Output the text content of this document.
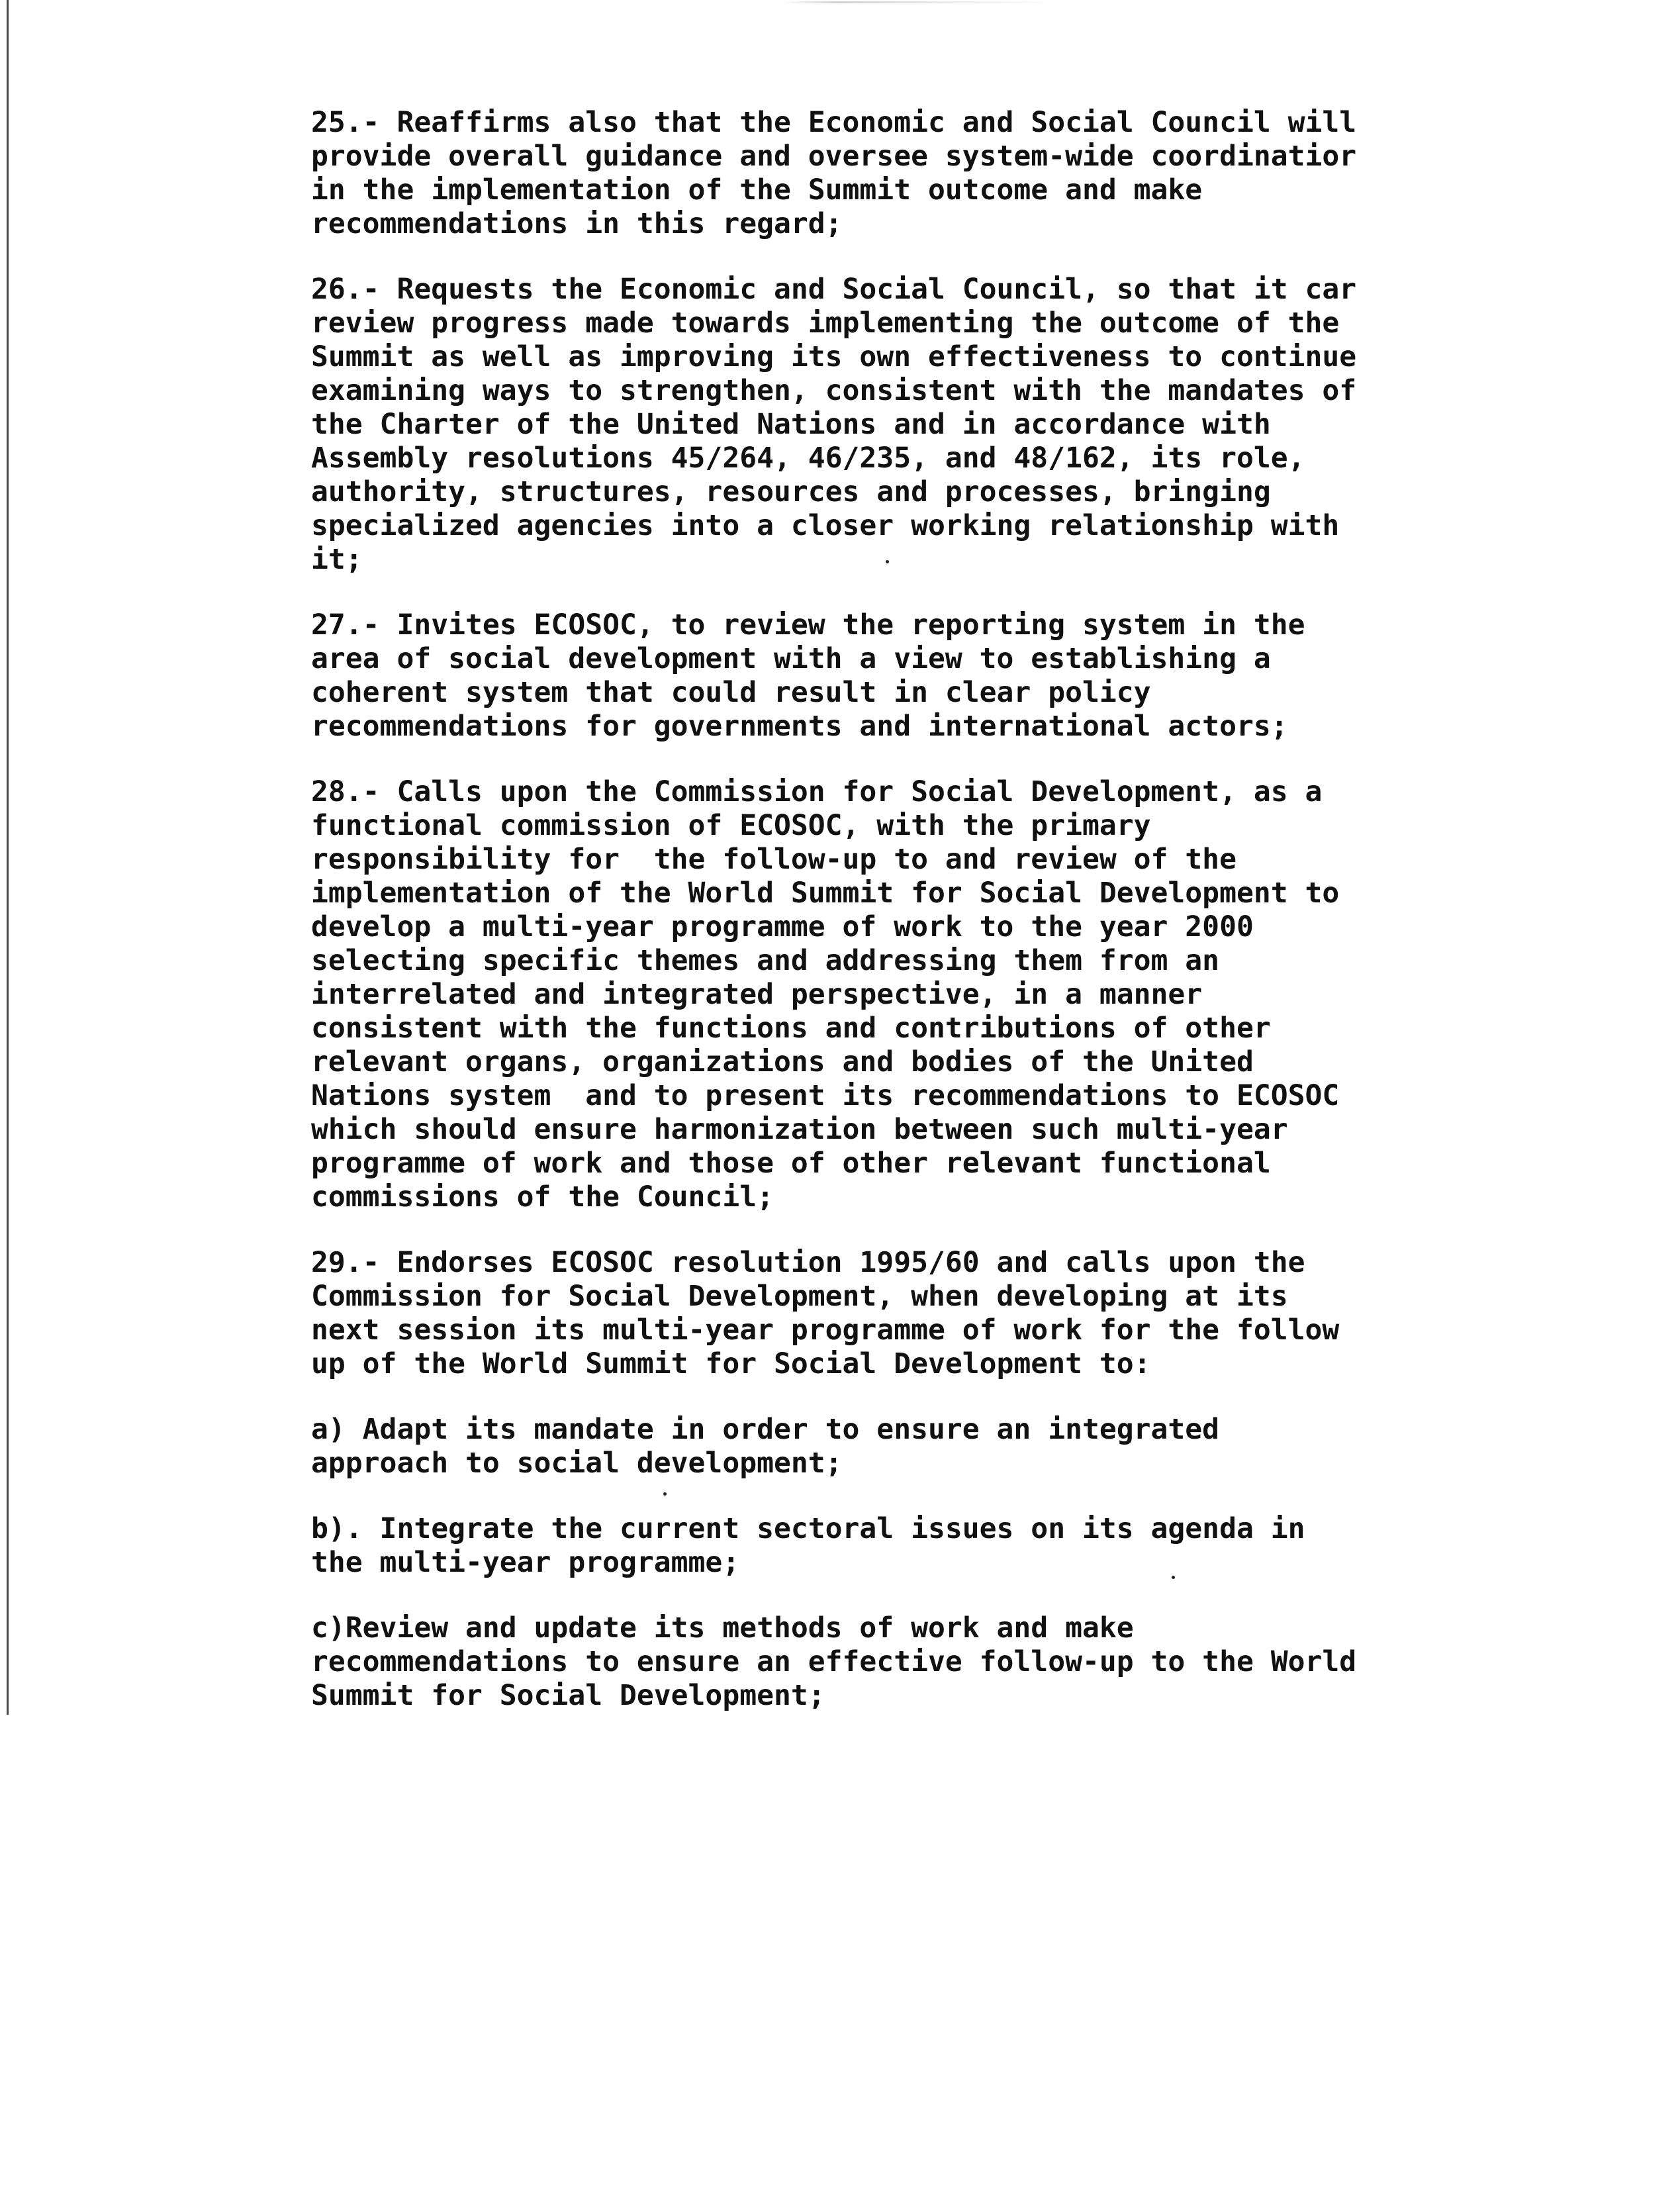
25.- Reaffirms also that the Economic and Social Council will
provide overall guidance and oversee system-wide coordinatior
in the implementation of the Summit outcome and make
recommendations in this regard;

26.- Requests the Economic and Social Council, so that it car
review progress made towards implementing the outcome of the
Summit as well as improving its own effectiveness to continue
examining ways to strengthen, consistent with the mandates of
the Charter of the United Nations and in accordance with
Assembly resolutions 45/264, 46/235, and 48/162, its role,
authority, structures, resources and processes, bringing
specialized agencies into a closer working relationship with
it;

27.- Invites ECOSOC, to review the reporting system in the
area of social development with a view to establishing a
coherent system that could result in clear policy
recommendations for governments and international actors;

28.- Calls upon the Commission for Social Development, as a
functional commission of ECOSOC, with the primary
responsibility for  the follow-up to and review of the
implementation of the World Summit for Social Development to
develop a multi-year programme of work to the year 2000
selecting specific themes and addressing them from an
interrelated and integrated perspective, in a manner
consistent with the functions and contributions of other
relevant organs, organizations and bodies of the United
Nations system  and to present its recommendations to ECOSOC
which should ensure harmonization between such multi-year
programme of work and those of other relevant functional
commissions of the Council;

29.- Endorses ECOSOC resolution 1995/60 and calls upon the
Commission for Social Development, when developing at its
next session its multi-year programme of work for the follow
up of the World Summit for Social Development to:

a) Adapt its mandate in order to ensure an integrated
approach to social development;

b). Integrate the current sectoral issues on its agenda in
the multi-year programme;

c)Review and update its methods of work and make
recommendations to ensure an effective follow-up to the World
Summit for Social Development;
